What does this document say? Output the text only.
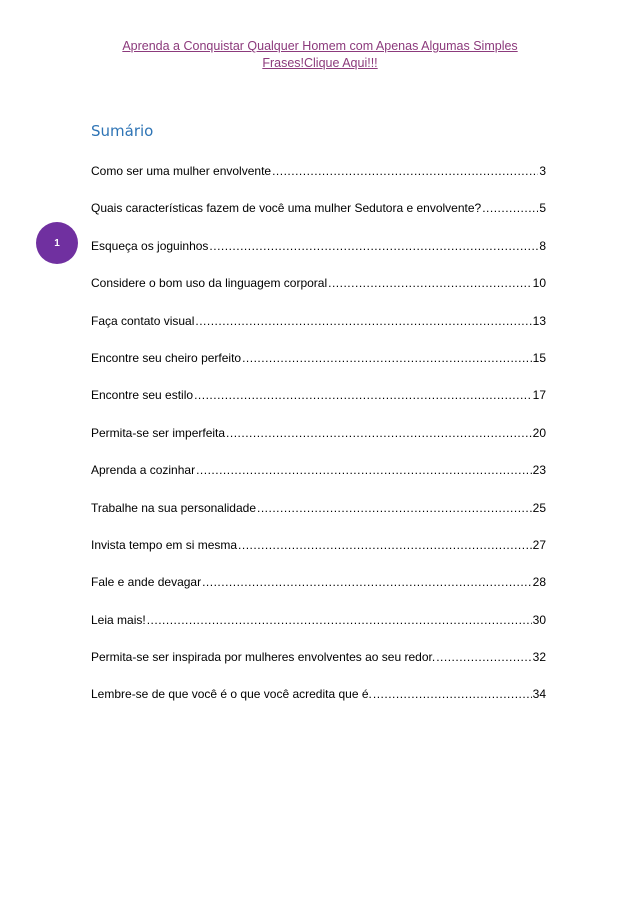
Aprenda a Conquistar Qualquer Homem com Apenas Algumas Simples
Frases!Clique Aqui!!!
1
Sumário
Como ser uma mulher envolvente .....	3
Quais características fazem de você uma mulher Sedutora e envolvente? .....	5
Esqueça os joguinhos .....	8
Considere o bom uso da linguagem corporal .....	10
Faça contato visual .....	13
Encontre seu cheiro perfeito .....	15
Encontre seu estilo .....	17
Permita-se ser imperfeita .....	20
Aprenda a cozinhar .....	23
Trabalhe na sua personalidade .....	25
Invista tempo em si mesma .....	27
Fale e ande devagar .....	28
Leia mais! .....	30
Permita-se ser inspirada por mulheres envolventes ao seu redor. .....	32
Lembre-se de que você é o que você acredita que é. .....	34
